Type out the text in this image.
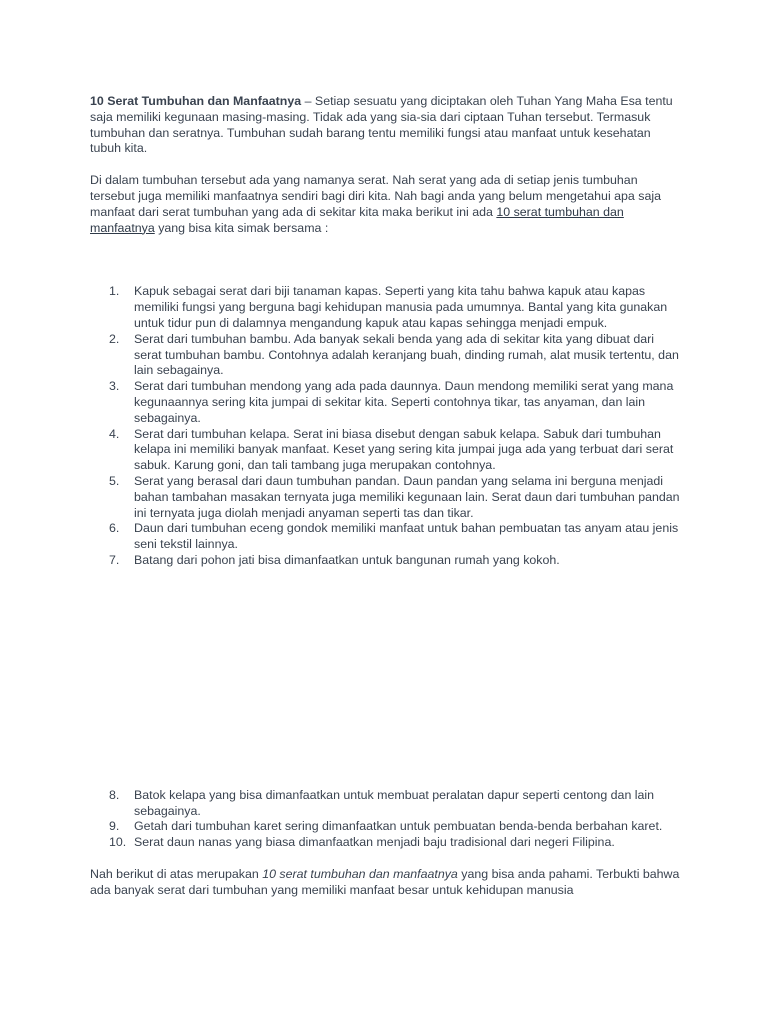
10 Serat Tumbuhan dan Manfaatnya – Setiap sesuatu yang diciptakan oleh Tuhan Yang Maha Esa tentu saja memiliki kegunaan masing-masing. Tidak ada yang sia-sia dari ciptaan Tuhan tersebut. Termasuk tumbuhan dan seratnya. Tumbuhan sudah barang tentu memiliki fungsi atau manfaat untuk kesehatan tubuh kita.

Di dalam tumbuhan tersebut ada yang namanya serat. Nah serat yang ada di setiap jenis tumbuhan tersebut juga memiliki manfaatnya sendiri bagi diri kita. Nah bagi anda yang belum mengetahui apa saja manfaat dari serat tumbuhan yang ada di sekitar kita maka berikut ini ada 10 serat tumbuhan dan manfaatnya yang bisa kita simak bersama :

1. Kapuk sebagai serat dari biji tanaman kapas. Seperti yang kita tahu bahwa kapuk atau kapas memiliki fungsi yang berguna bagi kehidupan manusia pada umumnya. Bantal yang kita gunakan untuk tidur pun di dalamnya mengandung kapuk atau kapas sehingga menjadi empuk.
2. Serat dari tumbuhan bambu. Ada banyak sekali benda yang ada di sekitar kita yang dibuat dari serat tumbuhan bambu. Contohnya adalah keranjang buah, dinding rumah, alat musik tertentu, dan lain sebagainya.
3. Serat dari tumbuhan mendong yang ada pada daunnya. Daun mendong memiliki serat yang mana kegunaannya sering kita jumpai di sekitar kita. Seperti contohnya tikar, tas anyaman, dan lain sebagainya.
4. Serat dari tumbuhan kelapa. Serat ini biasa disebut dengan sabuk kelapa. Sabuk dari tumbuhan kelapa ini memiliki banyak manfaat. Keset yang sering kita jumpai juga ada yang terbuat dari serat sabuk. Karung goni, dan tali tambang juga merupakan contohnya.
5. Serat yang berasal dari daun tumbuhan pandan. Daun pandan yang selama ini berguna menjadi bahan tambahan masakan ternyata juga memiliki kegunaan lain. Serat daun dari tumbuhan pandan ini ternyata juga diolah menjadi anyaman seperti tas dan tikar.
6. Daun dari tumbuhan eceng gondok memiliki manfaat untuk bahan pembuatan tas anyam atau jenis seni tekstil lainnya.
7. Batang dari pohon jati bisa dimanfaatkan untuk bangunan rumah yang kokoh.
8. Batok kelapa yang bisa dimanfaatkan untuk membuat peralatan dapur seperti centong dan lain sebagainya.
9. Getah dari tumbuhan karet sering dimanfaatkan untuk pembuatan benda-benda berbahan karet.
10. Serat daun nanas yang biasa dimanfaatkan menjadi baju tradisional dari negeri Filipina.

Nah berikut di atas merupakan 10 serat tumbuhan dan manfaatnya yang bisa anda pahami. Terbukti bahwa ada banyak serat dari tumbuhan yang memiliki manfaat besar untuk kehidupan manusia
